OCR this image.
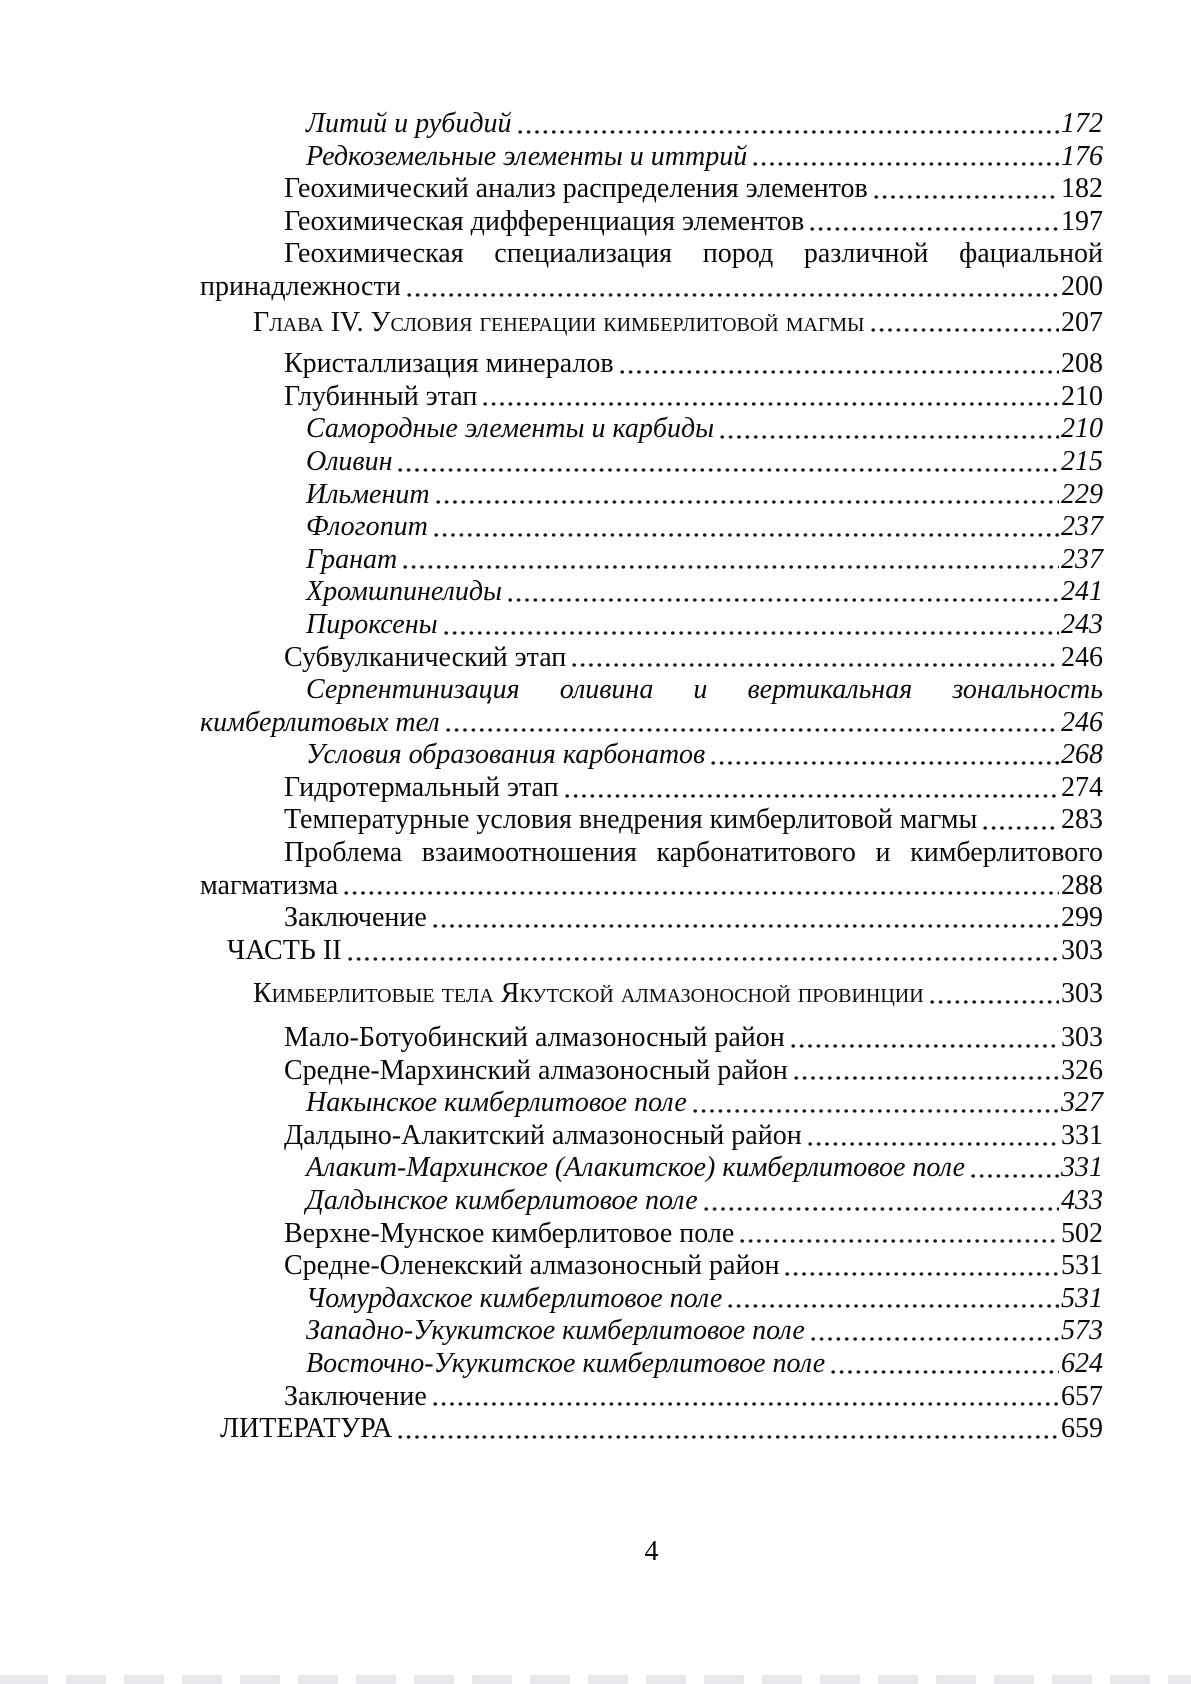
Литий и рубидий	172
Редкоземельные элементы и иттрий	176
Геохимический анализ распределения элементов	182
Геохимическая дифференциация элементов	197
Геохимическая специализация пород различной фациальной
принадлежности	200
Глава IV. Условия генерации кимберлитовой магмы	207
Кристаллизация минералов	208
Глубинный этап	210
Самородные элементы и карбиды	210
Оливин	215
Ильменит	229
Флогопит	237
Гранат	237
Хромшпинелиды	241
Пироксены	243
Субвулканический этап	246
Серпентинизация оливина и вертикальная зональность
кимберлитовых тел	246
Условия образования карбонатов	268
Гидротермальный этап	274
Температурные условия внедрения кимберлитовой магмы	283
Проблема взаимоотношения карбонатитового и кимберлитового
магматизма	288
Заключение	299
ЧАСТЬ II	303
Кимберлитовые тела Якутской алмазоносной провинции	303
Мало-Ботуобинский алмазоносный район	303
Средне-Мархинский алмазоносный район	326
Накынское кимберлитовое поле	327
Далдыно-Алакитский алмазоносный район	331
Алакит-Мархинское (Алакитское) кимберлитовое поле	331
Далдынское кимберлитовое поле	433
Верхне-Мунское кимберлитовое поле	502
Средне-Оленекский алмазоносный район	531
Чомурдахское кимберлитовое поле	531
Западно-Укукитское кимберлитовое поле	573
Восточно-Укукитское кимберлитовое поле	624
Заключение	657
ЛИТЕРАТУРА	659
4
